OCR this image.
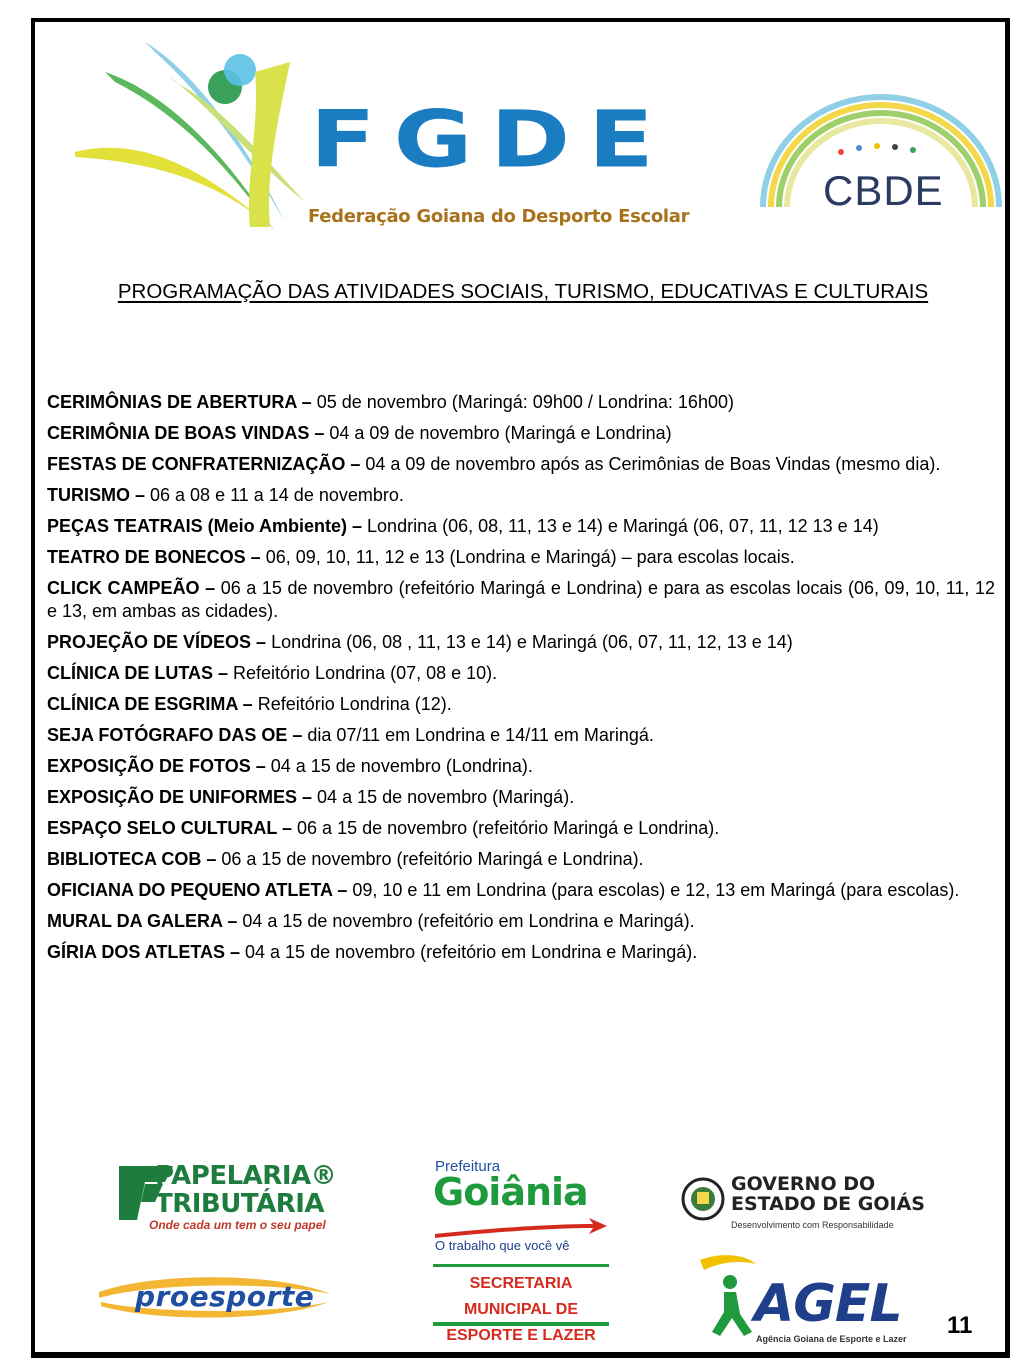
FGDE
Federação Goiana do Desporto Escolar
CBDE
PROGRAMAÇÃO DAS ATIVIDADES SOCIAIS, TURISMO, EDUCATIVAS E CULTURAIS

CERIMÔNIAS DE ABERTURA – 05 de novembro (Maringá: 09h00 / Londrina: 16h00)

CERIMÔNIA DE BOAS VINDAS – 04 a 09 de novembro (Maringá e Londrina)

FESTAS DE CONFRATERNIZAÇÃO – 04 a 09 de novembro após as Cerimônias de Boas Vindas (mesmo dia).

TURISMO – 06 a 08 e 11 a 14 de novembro.

PEÇAS TEATRAIS (Meio Ambiente) – Londrina (06, 08, 11, 13 e 14) e Maringá (06, 07, 11, 12 13 e 14)

TEATRO DE BONECOS – 06, 09, 10, 11, 12 e 13 (Londrina e Maringá) – para escolas locais.

CLICK CAMPEÃO – 06 a 15 de novembro (refeitório Maringá e Londrina) e para as escolas locais (06, 09, 10, 11, 12 e 13, em ambas as cidades).

PROJEÇÃO DE VÍDEOS – Londrina (06, 08 , 11, 13 e 14) e Maringá (06, 07, 11, 12, 13 e 14)

CLÍNICA DE LUTAS – Refeitório Londrina (07, 08 e 10).

CLÍNICA DE ESGRIMA – Refeitório Londrina (12).

SEJA FOTÓGRAFO DAS OE – dia 07/11 em Londrina e 14/11 em Maringá.

EXPOSIÇÃO DE FOTOS – 04 a 15 de novembro (Londrina).

EXPOSIÇÃO DE UNIFORMES – 04 a 15 de novembro (Maringá).

ESPAÇO SELO CULTURAL – 06 a 15 de novembro (refeitório Maringá e Londrina).

BIBLIOTECA COB – 06 a 15 de novembro (refeitório Maringá e Londrina).

OFICIANA DO PEQUENO ATLETA – 09, 10 e 11 em Londrina (para escolas) e 12, 13 em Maringá (para escolas).

MURAL DA GALERA – 04 a 15 de novembro (refeitório em Londrina e Maringá).

GÍRIA DOS ATLETAS – 04 a 15 de novembro (refeitório em Londrina e Maringá).

PAPELARIA® TRIBUTÁRIA
Onde cada um tem o seu papel
proesporte
Prefeitura
Goiânia
O trabalho que você vê
SECRETARIA MUNICIPAL DE ESPORTE E LAZER
GOVERNO DO ESTADO DE GOIÁS
Desenvolvimento com Responsabilidade
AGEL
Agência Goiana de Esporte e Lazer 11
